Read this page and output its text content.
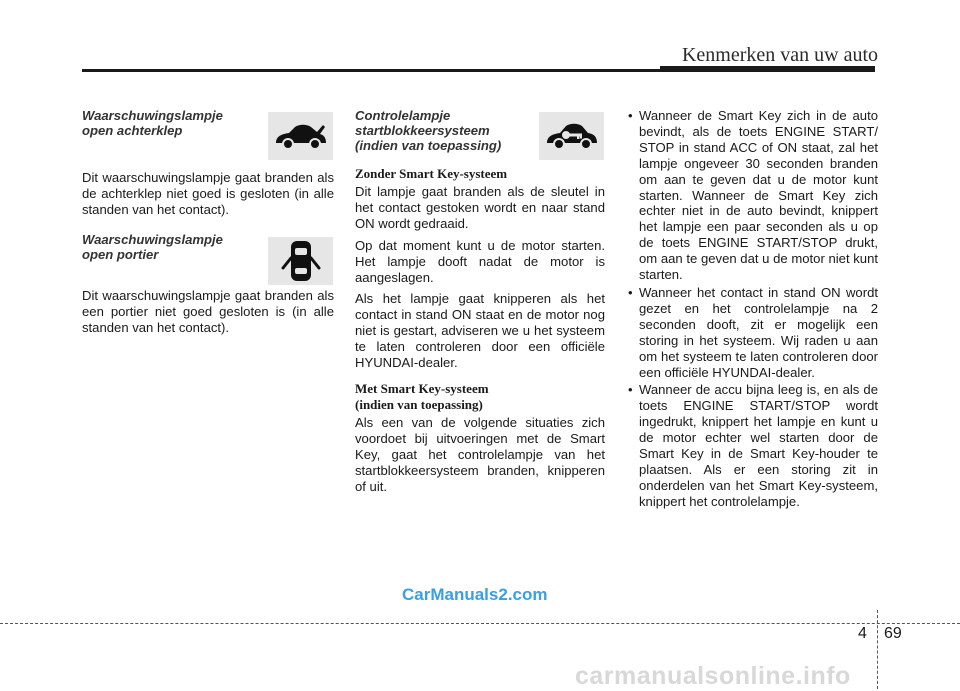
Kenmerken van uw auto
Waarschuwingslampje
open achterklep

Dit waarschuwingslampje gaat branden als de achterklep niet goed is gesloten (in alle standen van het contact).

Waarschuwingslampje
open portier

Dit waarschuwingslampje gaat branden als een portier niet goed gesloten is (in alle standen van het contact).

Controlelampje
startblokkeersysteem
(indien van toepassing)
Zonder Smart Key-systeem

Dit lampje gaat branden als de sleutel in het contact gestoken wordt en naar stand ON wordt gedraaid.

Op dat moment kunt u de motor starten. Het lampje dooft nadat de motor is aangeslagen.

Als het lampje gaat knipperen als het contact in stand ON staat en de motor nog niet is gestart, adviseren we u het systeem te laten controleren door een officiële HYUNDAI-dealer.

Met Smart Key-systeem
(indien van toepassing)

Als een van de volgende situaties zich voordoet bij uitvoeringen met de Smart Key, gaat het controlelampje van het startblokkeersysteem branden, knipperen of uit.

• Wanneer de Smart Key zich in de auto bevindt, als de toets ENGINE START/ STOP in stand ACC of ON staat, zal het lampje ongeveer 30 seconden branden om aan te geven dat u de motor kunt starten. Wanneer de Smart Key zich echter niet in de auto bevindt, knippert het lampje een paar seconden als u op de toets ENGINE START/STOP drukt, om aan te geven dat u de motor niet kunt starten.
• Wanneer het contact in stand ON wordt gezet en het controlelampje na 2 seconden dooft, zit er mogelijk een storing in het systeem. Wij raden u aan om het systeem te laten controleren door een officiële HYUNDAI-dealer.
• Wanneer de accu bijna leeg is, en als de toets ENGINE START/STOP wordt ingedrukt, knippert het lampje en kunt u de motor echter wel starten door de Smart Key in de Smart Key-houder te plaatsen. Als er een storing zit in onderdelen van het Smart Key-systeem, knippert het controlelampje.
CarManuals2.com
4 69
carmanualsonline.info
